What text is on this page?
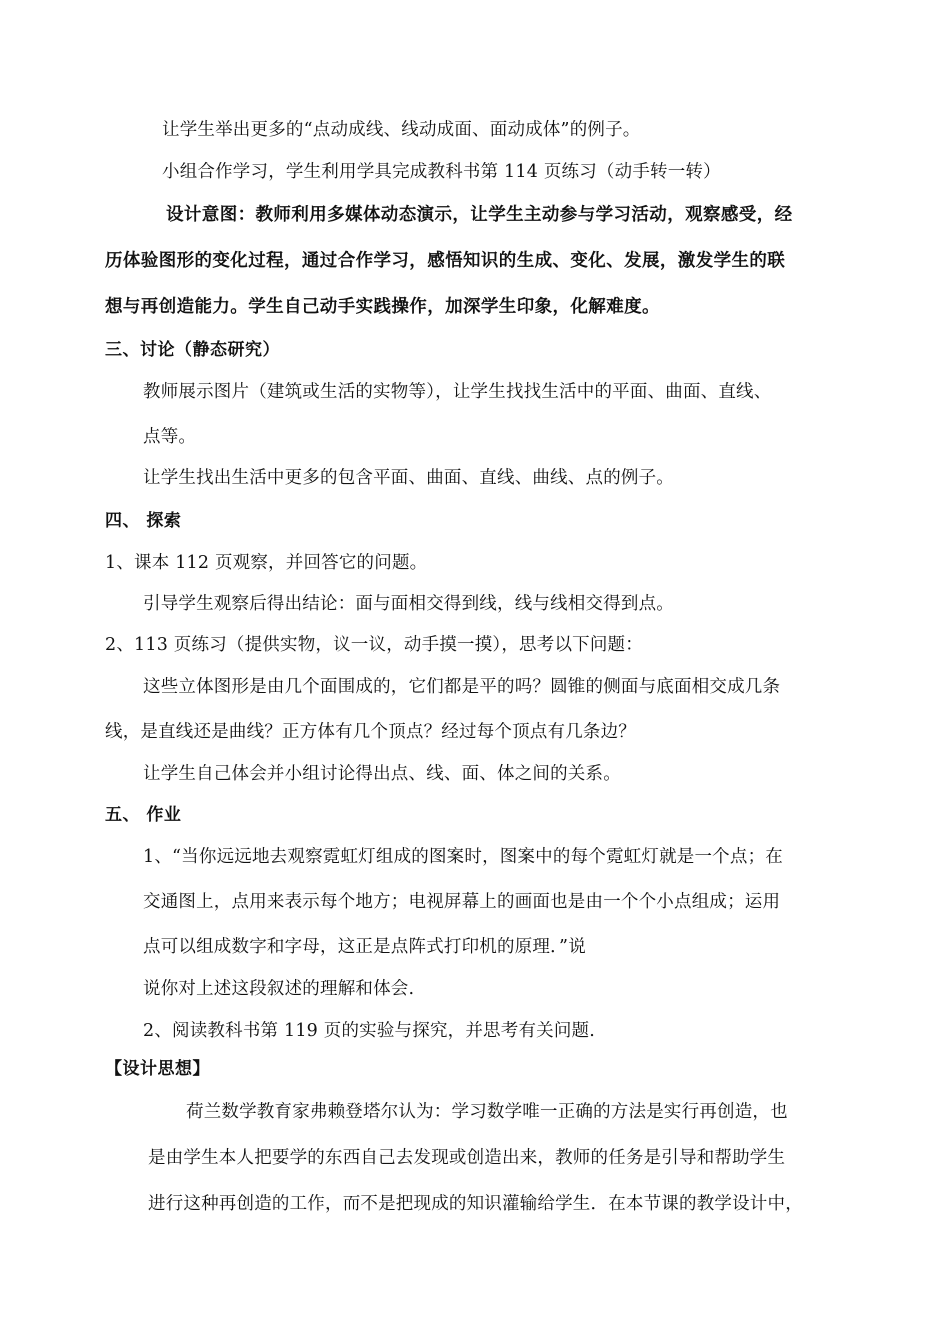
让学生举出更多的“点动成线、线动成面、面动成体”的例子。
小组合作学习，学生利用学具完成教科书第 114 页练习（动手转一转）
设计意图：教师利用多媒体动态演示，让学生主动参与学习活动，观察感受，经
历体验图形的变化过程，通过合作学习，感悟知识的生成、变化、发展，激发学生的联
想与再创造能力。学生自己动手实践操作，加深学生印象，化解难度。
三、讨论（静态研究）
教师展示图片（建筑或生活的实物等），让学生找找生活中的平面、曲面、直线、
点等。
让学生找出生活中更多的包含平面、曲面、直线、曲线、点的例子。
四、 探索
1、课本 112 页观察，并回答它的问题。
引导学生观察后得出结论：面与面相交得到线，线与线相交得到点。
2、113 页练习（提供实物，议一议，动手摸一摸），思考以下问题：
这些立体图形是由几个面围成的，它们都是平的吗？圆锥的侧面与底面相交成几条
线，是直线还是曲线？正方体有几个顶点？经过每个顶点有几条边？
让学生自己体会并小组讨论得出点、线、面、体之间的关系。
五、 作业
1、“当你远远地去观察霓虹灯组成的图案时，图案中的每个霓虹灯就是一个点；在
交通图上，点用来表示每个地方；电视屏幕上的画面也是由一个个小点组成；运用
点可以组成数字和字母，这正是点阵式打印机的原理．”说
说你对上述这段叙述的理解和体会.
2、阅读教科书第 119 页的实验与探究，并思考有关问题.
【设计思想】
荷兰数学教育家弗赖登塔尔认为：学习数学唯一正确的方法是实行再创造，也
是由学生本人把要学的东西自己去发现或创造出来，教师的任务是引导和帮助学生
进行这种再创造的工作，而不是把现成的知识灌输给学生．在本节课的教学设计中，
